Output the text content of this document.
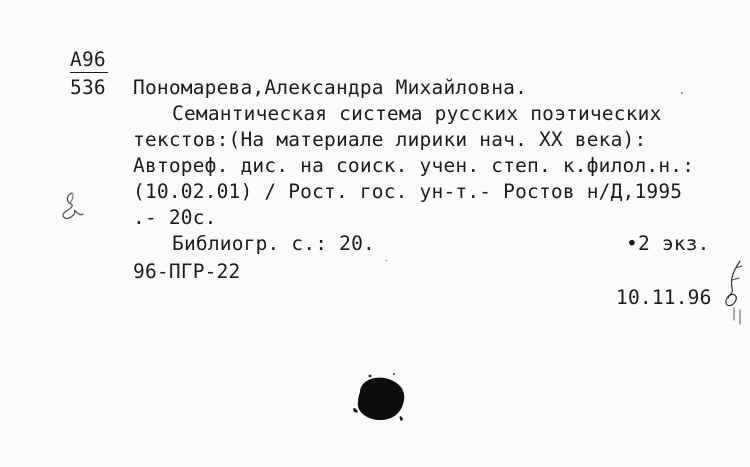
А96
536 Пономарева,Александра Михайловна.
Семантическая система русских поэтических
текстов:(На материале лирики нач. XX века):
Автореф. дис. на соиск. учен. степ. к.филол.н.:
(10.02.01) / Рост. гос. ун-т.- Ростов н/Д,1995
.- 20с.
Библиогр. с.: 20.	•2 экз.
96-ПГР-22
10.11.96
